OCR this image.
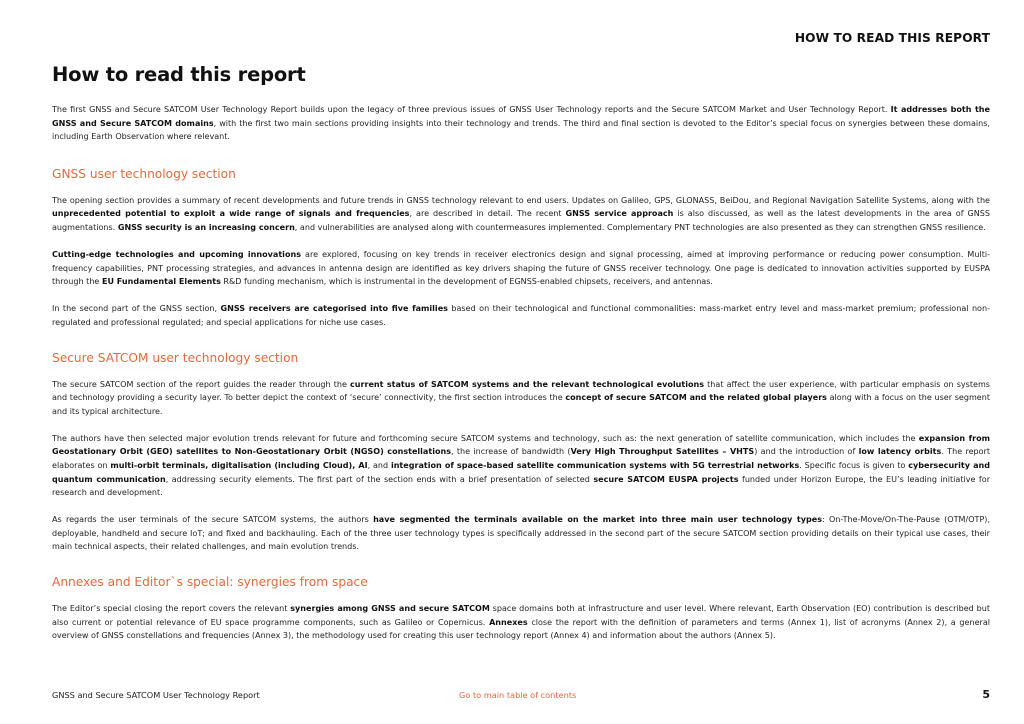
HOW TO READ THIS REPORT
How to read this report

The first GNSS and Secure SATCOM User Technology Report builds upon the legacy of three previous issues of GNSS User Technology reports and the Secure SATCOM Market and User Technology Report. It addresses both the GNSS and Secure SATCOM domains, with the first two main sections providing insights into their technology and trends. The third and final section is devoted to the Editor’s special focus on synergies between these domains, including Earth Observation where relevant.

GNSS user technology section

The opening section provides a summary of recent developments and future trends in GNSS technology relevant to end users. Updates on Galileo, GPS, GLONASS, BeiDou, and Regional Navigation Satellite Systems, along with the unprecedented potential to exploit a wide range of signals and frequencies, are described in detail. The recent GNSS service approach is also discussed, as well as the latest developments in the area of GNSS augmentations. GNSS security is an increasing concern, and vulnerabilities are analysed along with countermeasures implemented. Complementary PNT technologies are also presented as they can strengthen GNSS resilience.

Cutting-edge technologies and upcoming innovations are explored, focusing on key trends in receiver electronics design and signal processing, aimed at improving performance or reducing power consumption. Multi-frequency capabilities, PNT processing strategies, and advances in antenna design are identified as key drivers shaping the future of GNSS receiver technology. One page is dedicated to innovation activities supported by EUSPA through the EU Fundamental Elements R&D funding mechanism, which is instrumental in the development of EGNSS-enabled chipsets, receivers, and antennas.

In the second part of the GNSS section, GNSS receivers are categorised into five families based on their technological and functional commonalities: mass-market entry level and mass-market premium; professional non-regulated and professional regulated; and special applications for niche use cases.

Secure SATCOM user technology section

The secure SATCOM section of the report guides the reader through the current status of SATCOM systems and the relevant technological evolutions that affect the user experience, with particular emphasis on systems and technology providing a security layer. To better depict the context of ‘secure’ connectivity, the first section introduces the concept of secure SATCOM and the related global players along with a focus on the user segment and its typical architecture.

The authors have then selected major evolution trends relevant for future and forthcoming secure SATCOM systems and technology, such as: the next generation of satellite communication, which includes the expansion from Geostationary Orbit (GEO) satellites to Non-Geostationary Orbit (NGSO) constellations, the increase of bandwidth (Very High Throughput Satellites – VHTS) and the introduction of low latency orbits. The report elaborates on multi-orbit terminals, digitalisation (including Cloud), AI, and integration of space-based satellite communication systems with 5G terrestrial networks. Specific focus is given to cybersecurity and quantum communication, addressing security elements. The first part of the section ends with a brief presentation of selected secure SATCOM EUSPA projects funded under Horizon Europe, the EU’s leading initiative for research and development.

As regards the user terminals of the secure SATCOM systems, the authors have segmented the terminals available on the market into three main user technology types: On-The-Move/On-The-Pause (OTM/OTP), deployable, handheld and secure IoT; and fixed and backhauling. Each of the three user technology types is specifically addressed in the second part of the secure SATCOM section providing details on their typical use cases, their main technical aspects, their related challenges, and main evolution trends.

Annexes and Editor`s special: synergies from space

The Editor’s special closing the report covers the relevant synergies among GNSS and secure SATCOM space domains both at infrastructure and user level. Where relevant, Earth Observation (EO) contribution is described but also current or potential relevance of EU space programme components, such as Galileo or Copernicus. Annexes close the report with the definition of parameters and terms (Annex 1), list of acronyms (Annex 2), a general overview of GNSS constellations and frequencies (Annex 3), the methodology used for creating this user technology report (Annex 4) and information about the authors (Annex 5).

GNSS and Secure SATCOM User Technology Report	Go to main table of contents	5
